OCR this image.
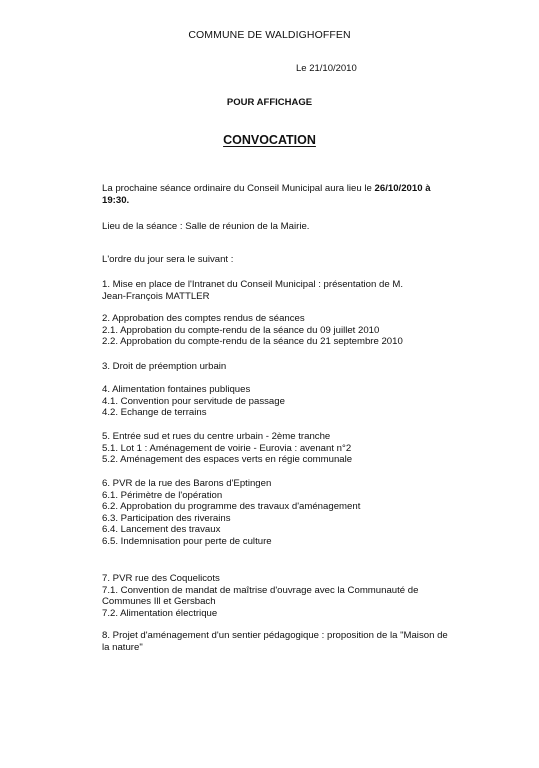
COMMUNE DE WALDIGHOFFEN
Le 21/10/2010
POUR AFFICHAGE
CONVOCATION
La prochaine séance ordinaire du Conseil Municipal aura lieu le 26/10/2010 à
19:30.
Lieu de la séance : Salle de réunion de la Mairie.
L'ordre du jour sera le suivant :
1. Mise en place de l'Intranet du Conseil Municipal : présentation de M.
Jean-François MATTLER
2. Approbation des comptes rendus de séances
2.1. Approbation du compte-rendu de la séance du 09 juillet 2010
2.2. Approbation du compte-rendu de la séance du 21 septembre 2010
3. Droit de préemption urbain
4. Alimentation fontaines publiques
4.1. Convention pour servitude de passage
4.2. Echange de terrains
5. Entrée sud et rues du centre urbain - 2ème tranche
5.1. Lot 1 : Aménagement de voirie - Eurovia : avenant n°2
5.2. Aménagement des espaces verts en régie communale
6. PVR de la rue des Barons d'Eptingen
6.1. Périmètre de l'opération
6.2. Approbation du programme des travaux d'aménagement
6.3. Participation des riverains
6.4. Lancement des travaux
6.5. Indemnisation pour perte de culture
7. PVR rue des Coquelicots
7.1. Convention de mandat de maîtrise d'ouvrage avec la Communauté de
Communes Ill et Gersbach
7.2. Alimentation électrique
8. Projet d'aménagement d'un sentier pédagogique : proposition de la "Maison de
la nature"
